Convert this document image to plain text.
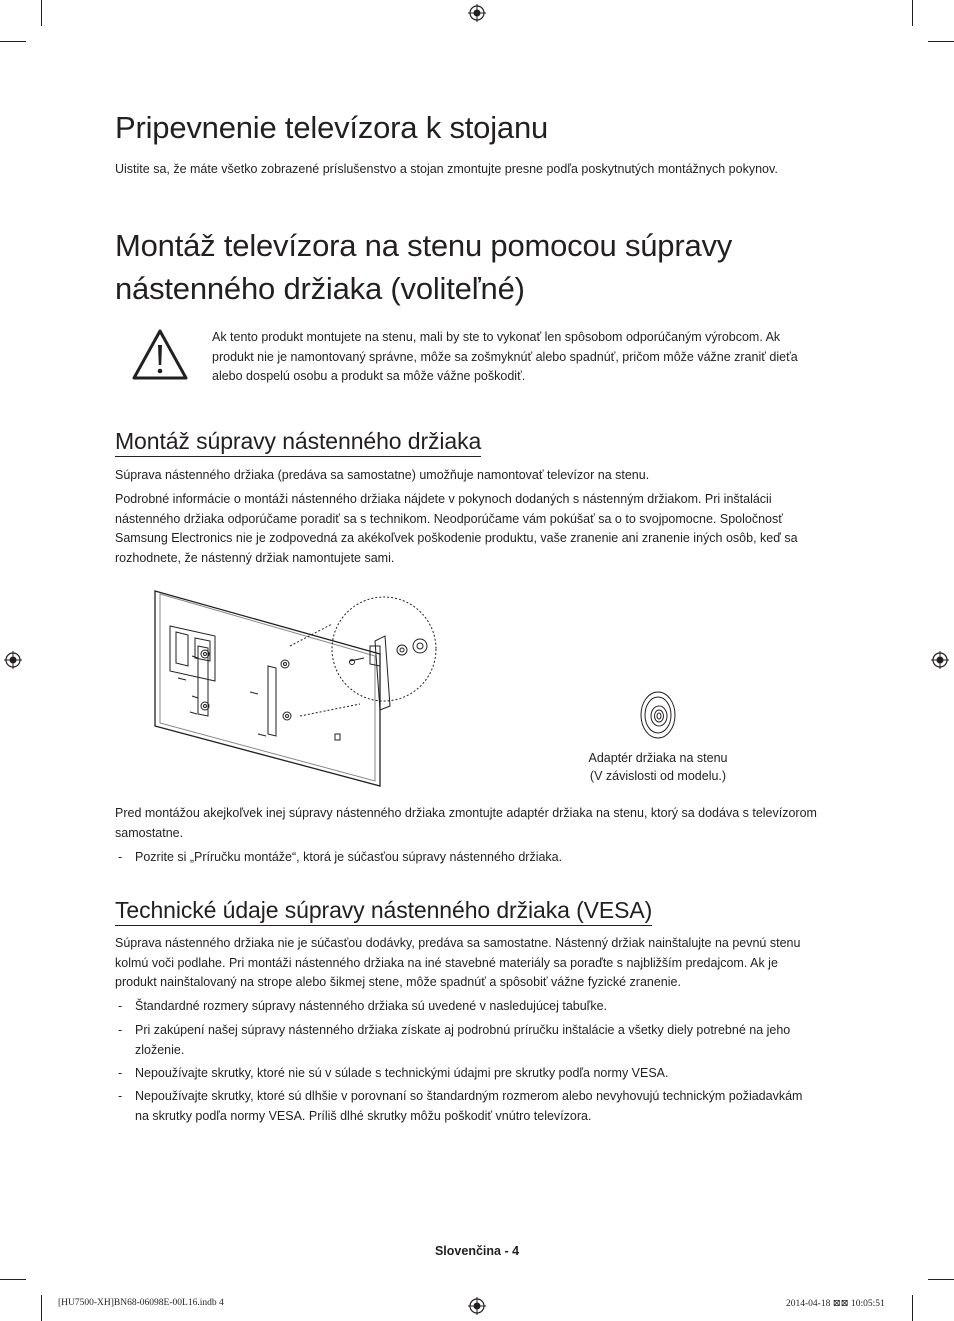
Pripevnenie televízora k stojanu

Uistite sa, že máte všetko zobrazené príslušenstvo a stojan zmontujte presne podľa poskytnutých montážnych pokynov.

Montáž televízora na stenu pomocou súpravy
nástenného držiaka (voliteľné)
Ak tento produkt montujete na stenu, mali by ste to vykonať len spôsobom odporúčaným výrobcom. Ak
produkt nie je namontovaný správne, môže sa zošmyknúť alebo spadnúť, pričom môže vážne zraniť dieťa
alebo dospelú osobu a produkt sa môže vážne poškodiť.
Montáž súpravy nástenného držiaka

Súprava nástenného držiaka (predáva sa samostatne) umožňuje namontovať televízor na stenu.

Podrobné informácie o montáži nástenného držiaka nájdete v pokynoch dodaných s nástenným držiakom. Pri inštalácii
nástenného držiaka odporúčame poradiť sa s technikom. Neodporúčame vám pokúšať sa o to svojpomocne. Spoločnosť
Samsung Electronics nie je zodpovedná za akékoľvek poškodenie produktu, vaše zranenie ani zranenie iných osôb, keď sa
rozhodnete, že nástenný držiak namontujete sami.
Adaptér držiaka na stenu
(V závislosti od modelu.)
Pred montážou akejkoľvek inej súpravy nástenného držiaka zmontujte adaptér držiaka na stenu, ktorý sa dodáva s televízorom
samostatne.
- Pozrite si „Príručku montáže“, ktorá je súčasťou súpravy nástenného držiaka.
Technické údaje súpravy nástenného držiaka (VESA)
Súprava nástenného držiaka nie je súčasťou dodávky, predáva sa samostatne. Nástenný držiak nainštalujte na pevnú stenu
kolmú voči podlahe. Pri montáži nástenného držiaka na iné stavebné materiály sa poraďte s najbližším predajcom. Ak je
produkt nainštalovaný na strope alebo šikmej stene, môže spadnúť a spôsobiť vážne fyzické zranenie.
- Štandardné rozmery súpravy nástenného držiaka sú uvedené v nasledujúcej tabuľke.
- Pri zakúpení našej súpravy nástenného držiaka získate aj podrobnú príručku inštalácie a všetky diely potrebné na jeho
zloženie.
- Nepoužívajte skrutky, ktoré nie sú v súlade s technickými údajmi pre skrutky podľa normy VESA.
- Nepoužívajte skrutky, ktoré sú dlhšie v porovnaní so štandardným rozmerom alebo nevyhovujú technickým požiadavkám
na skrutky podľa normy VESA. Príliš dlhé skrutky môžu poškodiť vnútro televízora.
Slovenčina - 4
[HU7500-XH]BN68-06098E-00L16.indb 4	2014-04-18 ⊠⊠ 10:05:51
